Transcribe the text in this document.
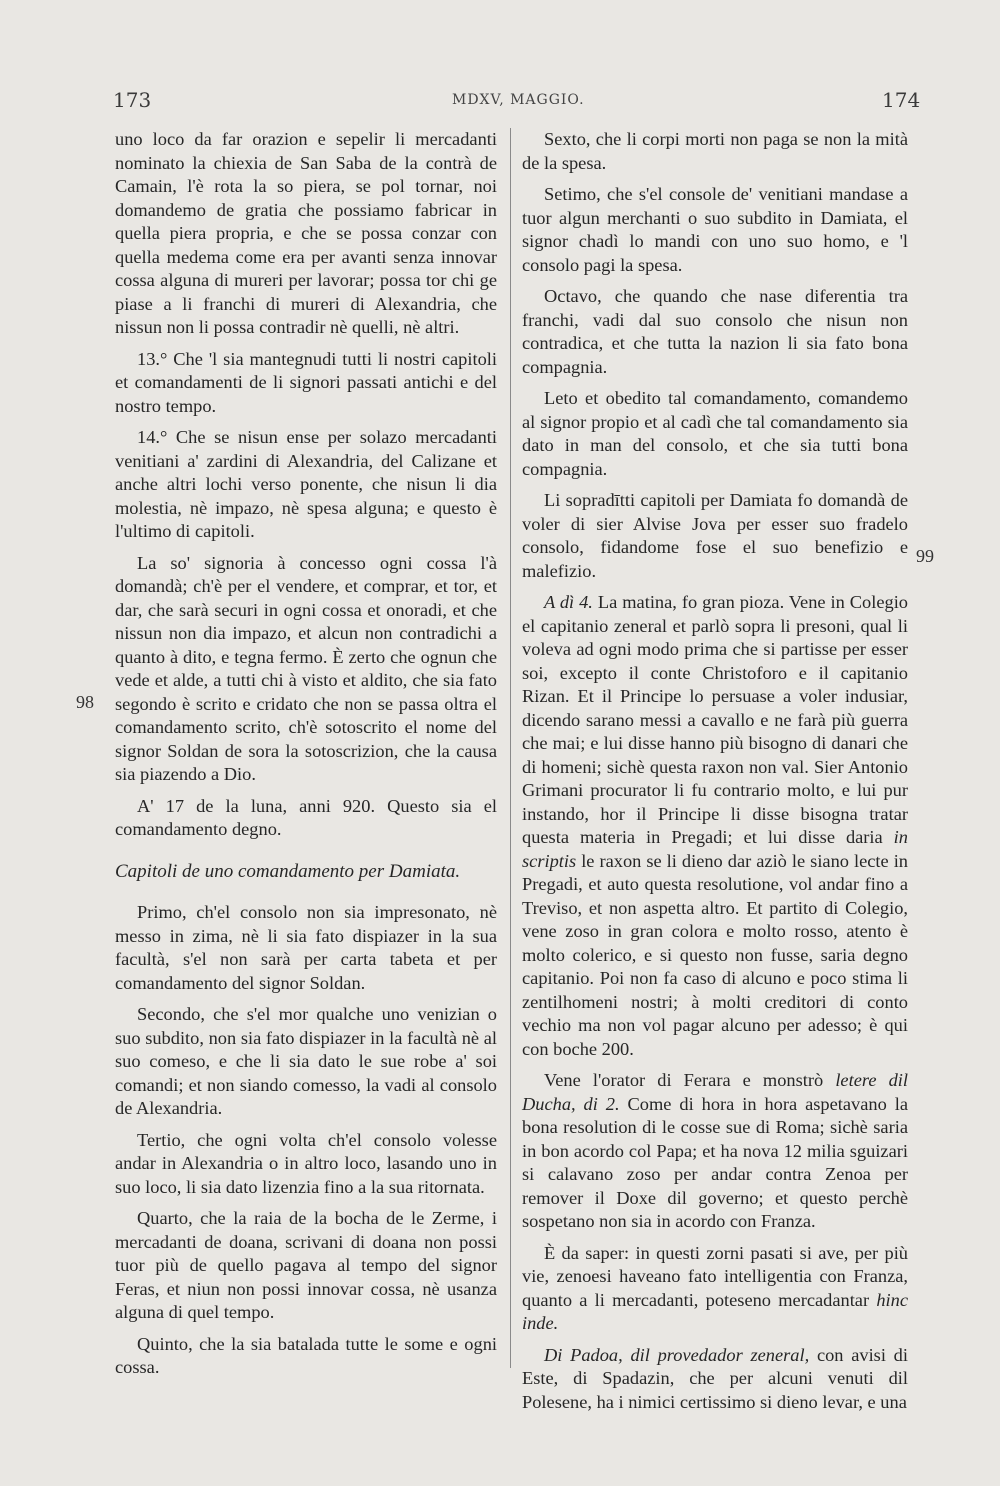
173	MDXV, MAGGIO.	174
98
99

uno loco da far orazion e sepelir li mercadanti nominato la chiexia de San Saba de la contrà de Camain, l'è rota la so piera, se pol tornar, noi domandemo de gratia che possiamo fabricar in quella piera propria, e che se possa conzar con quella medema come era per avanti senza innovar cossa alguna di mureri per lavorar; possa tor chi ge piase a li franchi di mureri di Alexandria, che nissun non li possa contradir nè quelli, nè altri.

13.° Che 'l sia mantegnudi tutti li nostri capitoli et comandamenti de li signori passati antichi e del nostro tempo.

14.° Che se nisun ense per solazo mercadanti venitiani a' zardini di Alexandria, del Calizane et anche altri lochi verso ponente, che nisun li dia molestia, nè impazo, nè spesa alguna; e questo è l'ultimo di capitoli.

La so' signoria à concesso ogni cossa l'à domandà; ch'è per el vendere, et comprar, et tor, et dar, che sarà securi in ogni cossa et onoradi, et che nissun non dia impazo, et alcun non contradichi a quanto à dito, e tegna fermo. È zerto che ognun che vede et alde, a tutti chi à visto et aldito, che sia fato segondo è scrito e cridato che non se passa oltra el comandamento scrito, ch'è sotoscrito el nome del signor Soldan de sora la sotoscrizion, che la causa sia piazendo a Dio.

A' 17 de la luna, anni 920. Questo sia el comandamento degno.

Capitoli de uno comandamento per Damiata.

Primo, ch'el consolo non sia impresonato, nè messo in zima, nè li sia fato dispiazer in la sua facultà, s'el non sarà per carta tabeta et per comandamento del signor Soldan.

Secondo, che s'el mor qualche uno venizian o suo subdito, non sia fato dispiazer in la facultà nè al suo comeso, e che li sia dato le sue robe a' soi comandi; et non siando comesso, la vadi al consolo de Alexandria.

Tertio, che ogni volta ch'el consolo volesse andar in Alexandria o in altro loco, lasando uno in suo loco, li sia dato lizenzia fino a la sua ritornata.

Quarto, che la raia de la bocha de le Zerme, i mercadanti de doana, scrivani di doana non possi tuor più de quello pagava al tempo del signor Feras, et niun non possi innovar cossa, nè usanza alguna di quel tempo.

Quinto, che la sia batalada tutte le some e ogni cossa.

Sexto, che li corpi morti non paga se non la mità de la spesa.

Setimo, che s'el console de' venitiani mandase a tuor algun merchanti o suo subdito in Damiata, el signor chadì lo mandi con uno suo homo, e 'l consolo pagi la spesa.

Octavo, che quando che nase diferentia tra franchi, vadi dal suo consolo che nisun non contradica, et che tutta la nazion li sia fato bona compagnia.

Leto et obedito tal comandamento, comandemo al signor propio et al cadì che tal comandamento sia dato in man del consolo, et che sia tutti bona compagnia.

Li sopradītti capitoli per Damiata fo domandà de voler di sier Alvise Jova per esser suo fradelo consolo, fidandome fose el suo benefizio e malefizio.

A dì 4. La matina, fo gran pioza. Vene in Colegio el capitanio zeneral et parlò sopra li presoni, qual li voleva ad ogni modo prima che si partisse per esser soi, excepto il conte Christoforo e il capitanio Rizan. Et il Principe lo persuase a voler indusiar, dicendo sarano messi a cavallo e ne farà più guerra che mai; e lui disse hanno più bisogno di danari che di homeni; sichè questa raxon non val. Sier Antonio Grimani procurator li fu contrario molto, e lui pur instando, hor il Principe li disse bisogna tratar questa materia in Pregadi; et lui disse daria in scriptis le raxon se li dieno dar aziò le siano lecte in Pregadi, et auto questa resolutione, vol andar fino a Treviso, et non aspetta altro. Et partito di Colegio, vene zoso in gran colora e molto rosso, atento è molto colerico, e si questo non fusse, saria degno capitanio. Poi non fa caso di alcuno e poco stima li zentilhomeni nostri; à molti creditori di conto vechio ma non vol pagar alcuno per adesso; è qui con boche 200.

Vene l'orator di Ferara e monstrò letere dil Ducha, di 2. Come di hora in hora aspetavano la bona resolution di le cosse sue di Roma; sichè saria in bon acordo col Papa; et ha nova 12 milia sguizari si calavano zoso per andar contra Zenoa per remover il Doxe dil governo; et questo perchè sospetano non sia in acordo con Franza.

È da saper: in questi zorni pasati si ave, per più vie, zenoesi haveano fato intelligentia con Franza, quanto a li mercadanti, poteseno mercadantar hinc inde.

Di Padoa, dil provedador zeneral, con avisi di Este, di Spadazin, che per alcuni venuti dil Polesene, ha i nimici certissimo si dieno levar, e una
